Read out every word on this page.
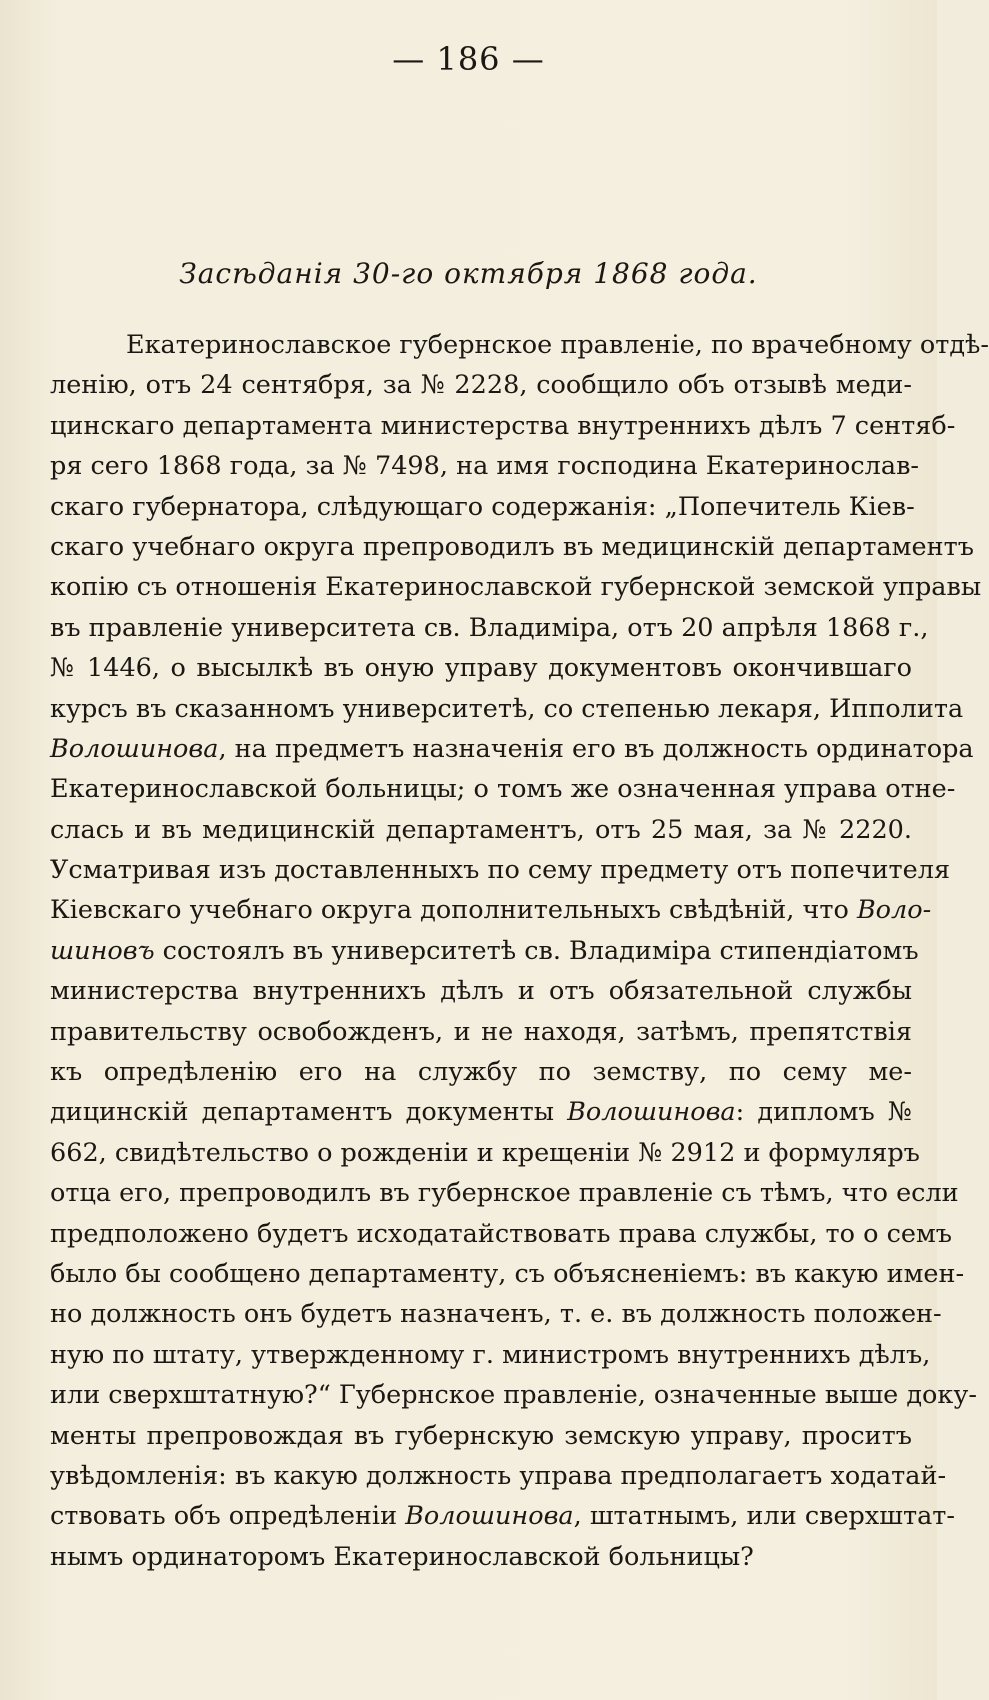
— 186 —
Засѣданія 30-го октября 1868 года.
Екатеринославское губернское правленіе, по врачебному отдѣ-
ленію, отъ 24 сентября, за № 2228, сообщило объ отзывѣ меди-
цинскаго департамента министерства внутреннихъ дѣлъ 7 сентяб-
ря сего 1868 года, за № 7498, на имя господина Екатеринослав-
скаго губернатора, слѣдующаго содержанія: „Попечитель Кіев-
скаго учебнаго округа препроводилъ въ медицинскій департаментъ
копію съ отношенія Екатеринославской губернской земской управы
въ правленіе университета св. Владиміра, отъ 20 апрѣля 1868 г.,
№ 1446, о высылкѣ въ оную управу документовъ окончившаго
курсъ въ сказанномъ университетѣ, со степенью лекаря, Ипполита
Волошинова, на предметъ назначенія его въ должность ординатора
Екатеринославской больницы; о томъ же означенная управа отне-
слась и въ медицинскій департаментъ, отъ 25 мая, за № 2220.
Усматривая изъ доставленныхъ по сему предмету отъ попечителя
Кіевскаго учебнаго округа дополнительныхъ свѣдѣній, что Воло-
шиновъ состоялъ въ университетѣ св. Владиміра стипендіатомъ
министерства внутреннихъ дѣлъ и отъ обязательной службы
правительству освобожденъ, и не находя, затѣмъ, препятствія
къ опредѣленію его на службу по земству, по сему ме-
дицинскій департаментъ документы Волошинова: дипломъ №
662, свидѣтельство о рожденіи и крещеніи № 2912 и формуляръ
отца его, препроводилъ въ губернское правленіе съ тѣмъ, что если
предположено будетъ исходатайствовать права службы, то о семъ
было бы сообщено департаменту, съ объясненіемъ: въ какую имен-
но должность онъ будетъ назначенъ, т. е. въ должность положен-
ную по штату, утвержденному г. министромъ внутреннихъ дѣлъ,
или сверхштатную?“ Губернское правленіе, означенные выше доку-
менты препровождая въ губернскую земскую управу, проситъ
увѣдомленія: въ какую должность управа предполагаетъ ходатай-
ствовать объ опредѣленіи Волошинова, штатнымъ, или сверхштат-
нымъ ординаторомъ Екатеринославской больницы?
